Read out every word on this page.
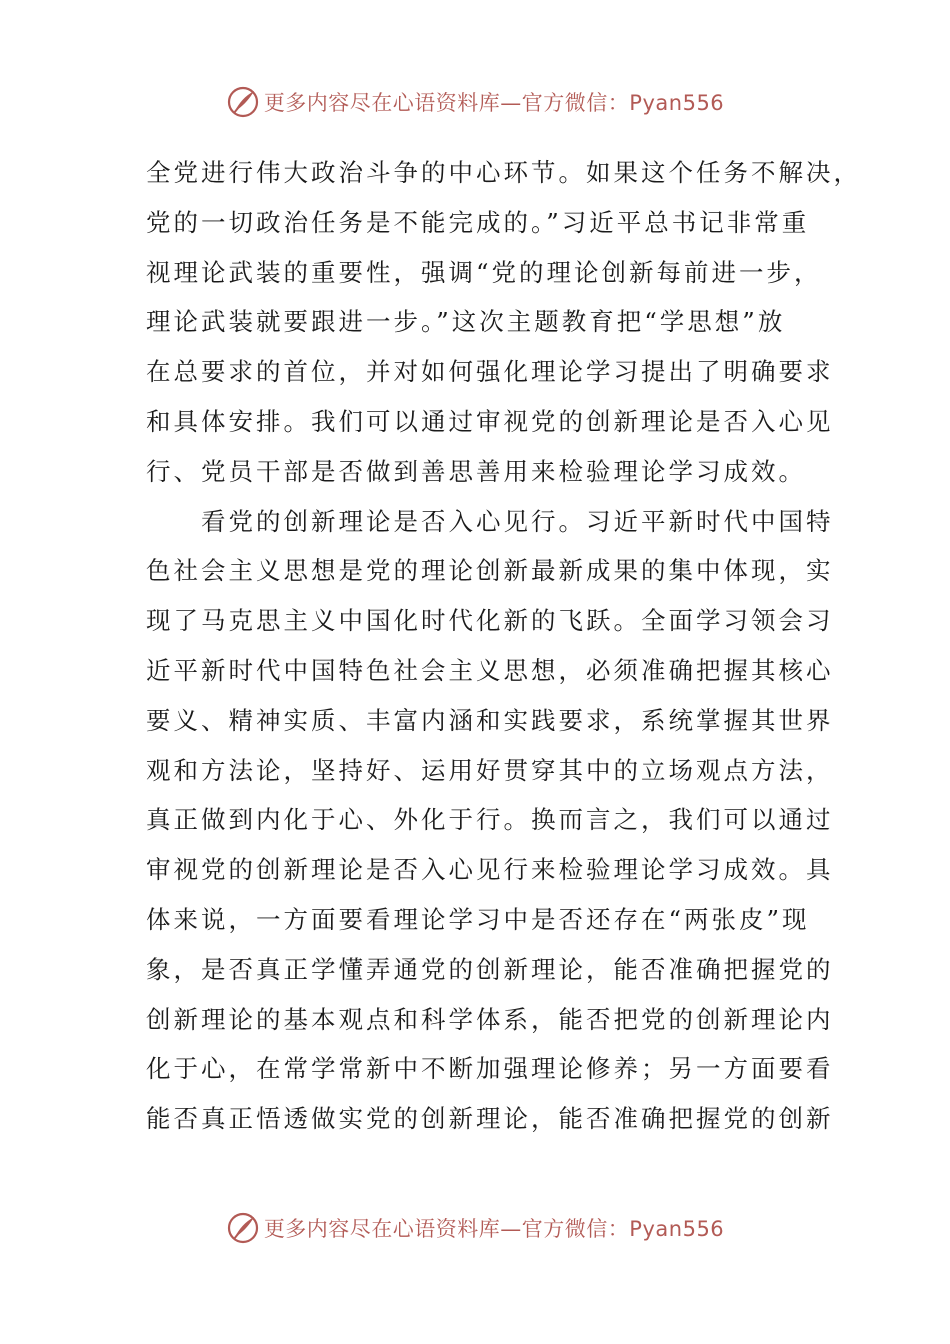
更多内容尽在心语资料库—官方微信：Pyan556
全党进行伟大政治斗争的中心环节。如果这个任务不解决，
党的一切政治任务是不能完成的。”习近平总书记非常重
视理论武装的重要性，强调“党的理论创新每前进一步，
理论武装就要跟进一步。”这次主题教育把“学思想”放
在总要求的首位，并对如何强化理论学习提出了明确要求
和具体安排。我们可以通过审视党的创新理论是否入心见
行、党员干部是否做到善思善用来检验理论学习成效。
　　看党的创新理论是否入心见行。习近平新时代中国特
色社会主义思想是党的理论创新最新成果的集中体现，实
现了马克思主义中国化时代化新的飞跃。全面学习领会习
近平新时代中国特色社会主义思想，必须准确把握其核心
要义、精神实质、丰富内涵和实践要求，系统掌握其世界
观和方法论，坚持好、运用好贯穿其中的立场观点方法，
真正做到内化于心、外化于行。换而言之，我们可以通过
审视党的创新理论是否入心见行来检验理论学习成效。具
体来说，一方面要看理论学习中是否还存在“两张皮”现
象，是否真正学懂弄通党的创新理论，能否准确把握党的
创新理论的基本观点和科学体系，能否把党的创新理论内
化于心，在常学常新中不断加强理论修养；另一方面要看
能否真正悟透做实党的创新理论，能否准确把握党的创新
更多内容尽在心语资料库—官方微信：Pyan556
